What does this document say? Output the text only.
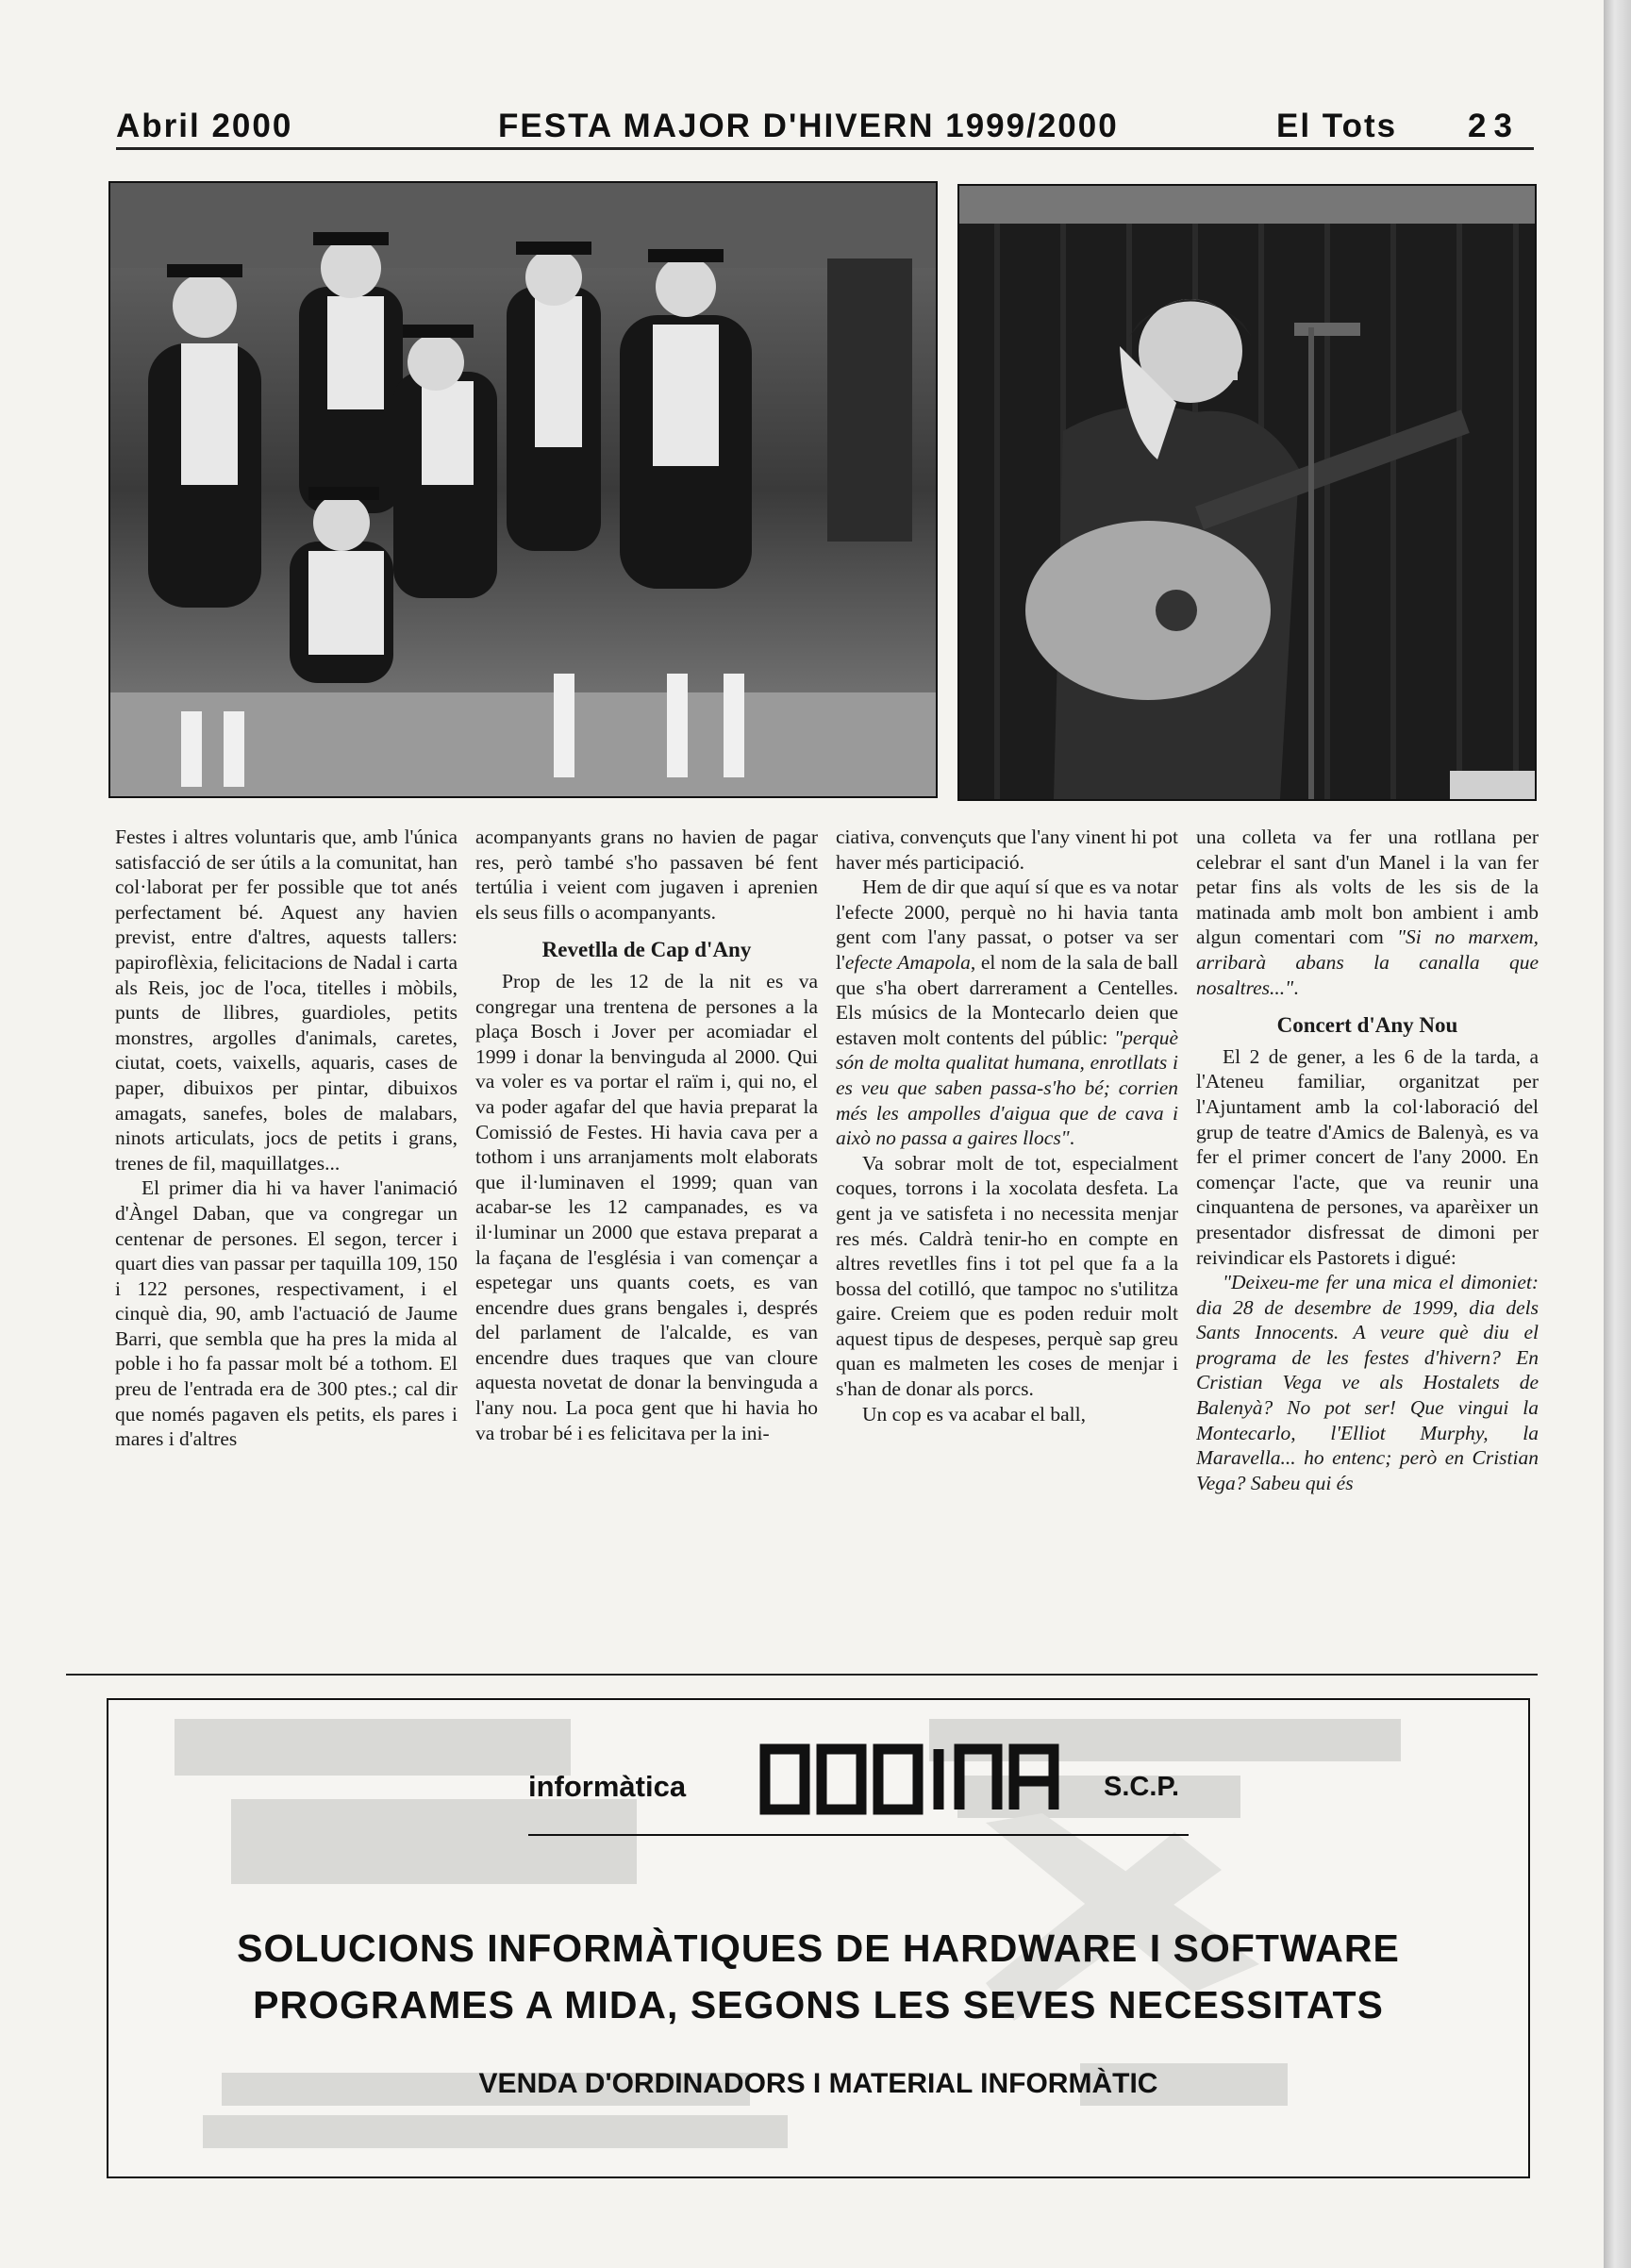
Abril 2000	FESTA MAJOR D'HIVERN 1999/2000	El Tots 23

Festes i altres voluntaris que, amb l'única satisfacció de ser útils a la comunitat, han col·laborat per fer possible que tot anés perfectament bé. Aquest any havien previst, entre d'altres, aquests tallers: papiroflèxia, felicitacions de Nadal i carta als Reis, joc de l'oca, titelles i mòbils, punts de llibres, guardioles, petits monstres, argolles d'animals, caretes, ciutat, coets, vaixells, aquaris, cases de paper, dibuixos per pintar, dibuixos amagats, sanefes, boles de malabars, ninots articulats, jocs de petits i grans, trenes de fil, maquillatges...

El primer dia hi va haver l'animació d'Àngel Daban, que va congregar un centenar de persones. El segon, tercer i quart dies van passar per taquilla 109, 150 i 122 persones, respectivament, i el cinquè dia, 90, amb l'actuació de Jaume Barri, que sembla que ha pres la mida al poble i ho fa passar molt bé a tothom. El preu de l'entrada era de 300 ptes.; cal dir que només pagaven els petits, els pares i mares i d'altres

acompanyants grans no havien de pagar res, però també s'ho passaven bé fent tertúlia i veient com jugaven i aprenien els seus fills o acompanyants.

Revetlla de Cap d'Any

Prop de les 12 de la nit es va congregar una trentena de persones a la plaça Bosch i Jover per acomiadar el 1999 i donar la benvinguda al 2000. Qui va voler es va portar el raïm i, qui no, el va poder agafar del que havia preparat la Comissió de Festes. Hi havia cava per a tothom i uns arranjaments molt elaborats que il·luminaven el 1999; quan van acabar-se les 12 campanades, es va il·luminar un 2000 que estava preparat a la façana de l'església i van començar a espetegar uns quants coets, es van encendre dues grans bengales i, després del parlament de l'alcalde, es van encendre dues traques que van cloure aquesta novetat de donar la benvinguda a l'any nou. La poca gent que hi havia ho va trobar bé i es felicitava per la ini-

ciativa, convençuts que l'any vinent hi pot haver més participació.

Hem de dir que aquí sí que es va notar l'efecte 2000, perquè no hi havia tanta gent com l'any passat, o potser va ser l'efecte Amapola, el nom de la sala de ball que s'ha obert darrerament a Centelles. Els músics de la Montecarlo deien que estaven molt contents del públic: "perquè són de molta qualitat humana, enrotllats i es veu que saben passa-s'ho bé; corrien més les ampolles d'aigua que de cava i això no passa a gaires llocs".

Va sobrar molt de tot, especialment coques, torrons i la xocolata desfeta. La gent ja ve satisfeta i no necessita menjar res més. Caldrà tenir-ho en compte en altres revetlles fins i tot pel que fa a la bossa del cotilló, que tampoc no s'utilitza gaire. Creiem que es poden reduir molt aquest tipus de despeses, perquè sap greu quan es malmeten les coses de menjar i s'han de donar als porcs.

Un cop es va acabar el ball,

una colleta va fer una rotllana per celebrar el sant d'un Manel i la van fer petar fins als volts de les sis de la matinada amb molt bon ambient i amb algun comentari com "Si no marxem, arribarà abans la canalla que nosaltres...".

Concert d'Any Nou

El 2 de gener, a les 6 de la tarda, a l'Ateneu familiar, organitzat per l'Ajuntament amb la col·laboració del grup de teatre d'Amics de Balenyà, es va fer el primer concert de l'any 2000. En començar l'acte, que va reunir una cinquantena de persones, va aparèixer un presentador disfressat de dimoni per reivindicar els Pastorets i digué:

"Deixeu-me fer una mica el dimoniet: dia 28 de desembre de 1999, dia dels Sants Innocents. A veure què diu el programa de les festes d'hivern? En Cristian Vega ve als Hostalets de Balenyà? No pot ser! Que vingui la Montecarlo, l'Elliot Murphy, la Maravella... ho entenc; però en Cristian Vega? Sabeu qui és

informàtica	S.C.P.
SOLUCIONS INFORMÀTIQUES DE HARDWARE I SOFTWARE
PROGRAMES A MIDA, SEGONS LES SEVES NECESSITATS
VENDA D'ORDINADORS I MATERIAL INFORMÀTIC
